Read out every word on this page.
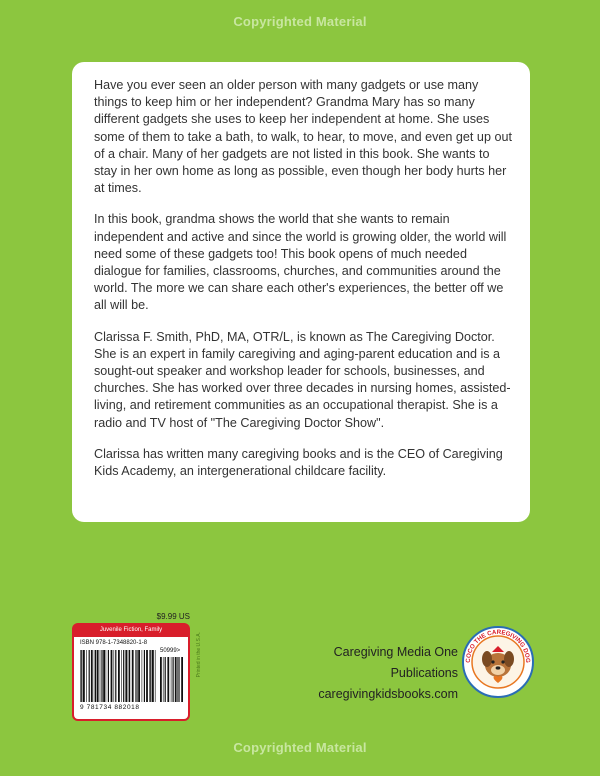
Copyrighted Material

Have you ever seen an older person with many gadgets or use many things to keep him or her independent? Grandma Mary has so many different gadgets she uses to keep her independent at home. She uses some of them to take a bath, to walk, to hear, to move, and even get up out of a chair. Many of her gadgets are not listed in this book. She wants to stay in her own home as long as possible, even though her body hurts her at times.

In this book, grandma shows the world that she wants to remain independent and active and since the world is growing older, the world will need some of these gadgets too! This book opens of much needed dialogue for families, classrooms, churches, and communities around the world. The more we can share each other's experiences, the better off we all will be.

Clarissa F. Smith, PhD, MA, OTR/L, is known as The Caregiving Doctor. She is an expert in family caregiving and aging-parent education and is a sought-out speaker and workshop leader for schools, businesses, and churches. She has worked over three decades in nursing homes, assisted-living, and retirement communities as an occupational therapist. She is a radio and TV host of "The Caregiving Doctor Show".

Clarissa has written many caregiving books and is the CEO of Caregiving Kids Academy, an intergenerational childcare facility.

$9.99 US
Juvenile Fiction, Family
ISBN 978-1-7348820-1-8
50999>
9 781734 882018
Printed in the U.S.A.	Caregiving Media One Publications
caregivingkidsbooks.com
COCO THE CAREGIVING DOG
Copyrighted Material
